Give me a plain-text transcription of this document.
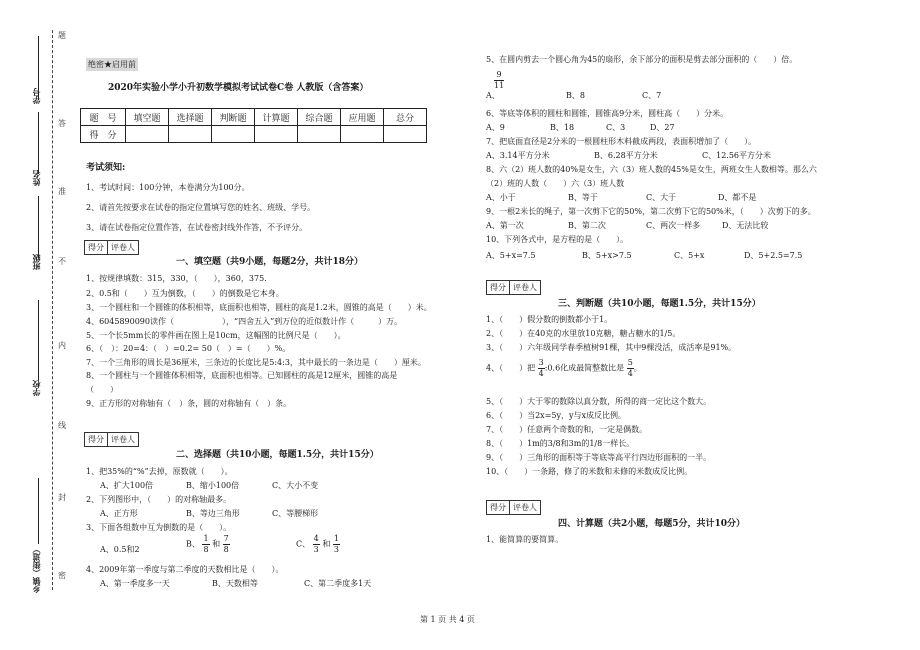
学号
姓名
班级
学校
乡镇（街道）
题
答
准
不
内
线
封
密
绝密★启用前
2020年实验小学小升初数学模拟考试试卷C卷 人教版（含答案）
题　号	填空题	选择题	判断题	计算题	综合题	应用题	总分
得　分							
考试须知:
1、考试时间：100分钟，本卷满分为100分。
2、请首先按要求在试卷的指定位置填写您的姓名、班级、学号。
3、请在试卷指定位置作答，在试卷密封线外作答，不予评分。
得分 评卷人
一、填空题（共9小题，每题2分，共计18分）
1、按规律填数：315，330，（　　），360，375.
2、0.5和（　　）互为倒数，（　　）的倒数是它本身。
3、一个圆柱和一个圆锥的体积相等，底面积也相等，圆柱的高是1.2米，圆锥的高是（　　）米。
4、6045890090读作（　　　　　　），“四舍五入”到万位的近似数计作（　　　）万。
5、一个长5mm长的零件画在图上是10cm，这幅图的比例尺是（　　）。
6、（　）：20=4：（　）=0.2= 50（　）=（　　）%。
7、一个三角形的周长是36厘米，三条边的长度比是5:4:3，其中最长的一条边是（　　）厘米。
8、一个圆柱与一个圆锥体积相等，底面积也相等。已知圆柱的高是12厘米，圆锥的高是
（　　）
9、正方形的对称轴有（　）条，圆的对称轴有（　）条。
得分 评卷人
二、选择题（共10小题，每题1.5分，共计15分）
1、把35%的“%”去掉，原数就（　　）。
A、扩大100倍	B、缩小100倍	C、大小不变
2、下列图形中，（　　）的对称轴最多。
A、正方形	B、等边三角形	C、等腰梯形
3、下面各组数中互为倒数的是（　　）。
A、0.5和2
B、 $\frac{1}{8}$ 和 $\frac{7}{8}$	C、 $\frac{4}{3}$ 和 $\frac{1}{3}$
4、2009年第一季度与第二季度的天数相比是（　　）。
A、第一季度多一天	B、天数相等	C、第二季度多1天
5、在圆内剪去一个圆心角为45的扇形，余下部分的面积是剪去部分面积的（　　）倍。
$\frac{9}{11}$
A、	B、8	C、7
6、等底等体积的圆柱和圆锥，圆锥高9分米，圆柱高（　　）分米。
A、9	B、18	C、3	D、27
7、把底面直径是2分米的一根圆柱形木料截成两段，表面积增加了（　　）。
A、3.14平方分米	B、6.28平方分米	C、12.56平方分米
8、六（2）班人数的40%是女生，六（3）班人数的45%是女生，两班女生人数相等。那么六
（2）班的人数（　　）六（3）班人数
A、小于	B、等于	C、大于	D、都不是
9、一根2米长的绳子，第一次剪下它的50%，第二次剪下它的50%米，（　　）次剪下的多。
A、第一次	B、第二次	C、两次一样多	D、无法比较
10、下列各式中，是方程的是（　　）。
A、5+x=7.5	B、5+x>7.5	C、5+x	D、5+2.5=7.5
得分 评卷人
三、判断题（共10小题，每题1.5分，共计15分）
1、（　　）假分数的倒数都小于1。
2、（　　）在40克的水里放10克糖，糖占糖水的1/5。
3、（　　）六年级同学春季植树91棵，其中9棵没活，成活率是91%。
4、（　　）把 $\frac{3}{4}$ :0.6化成最简整数比是 $\frac{5}{4}$ 。
5、（　　）大于零的数除以真分数，所得的商一定比这个数大。
6、（　　）当2x=5y，y与x成反比例。
7、（　　）任意两个奇数的和，一定是偶数。
8、（　　）1m的3/8和3m的1/8一样长。
9、（　　）三角形的面积等于等底等高平行四边形面积的一半。
10、（　　）一条路，修了的米数和未修的米数成反比例。
得分 评卷人
四、计算题（共2小题，每题5分，共计10分）
1、能简算的要简算。
第 1 页 共 4 页
